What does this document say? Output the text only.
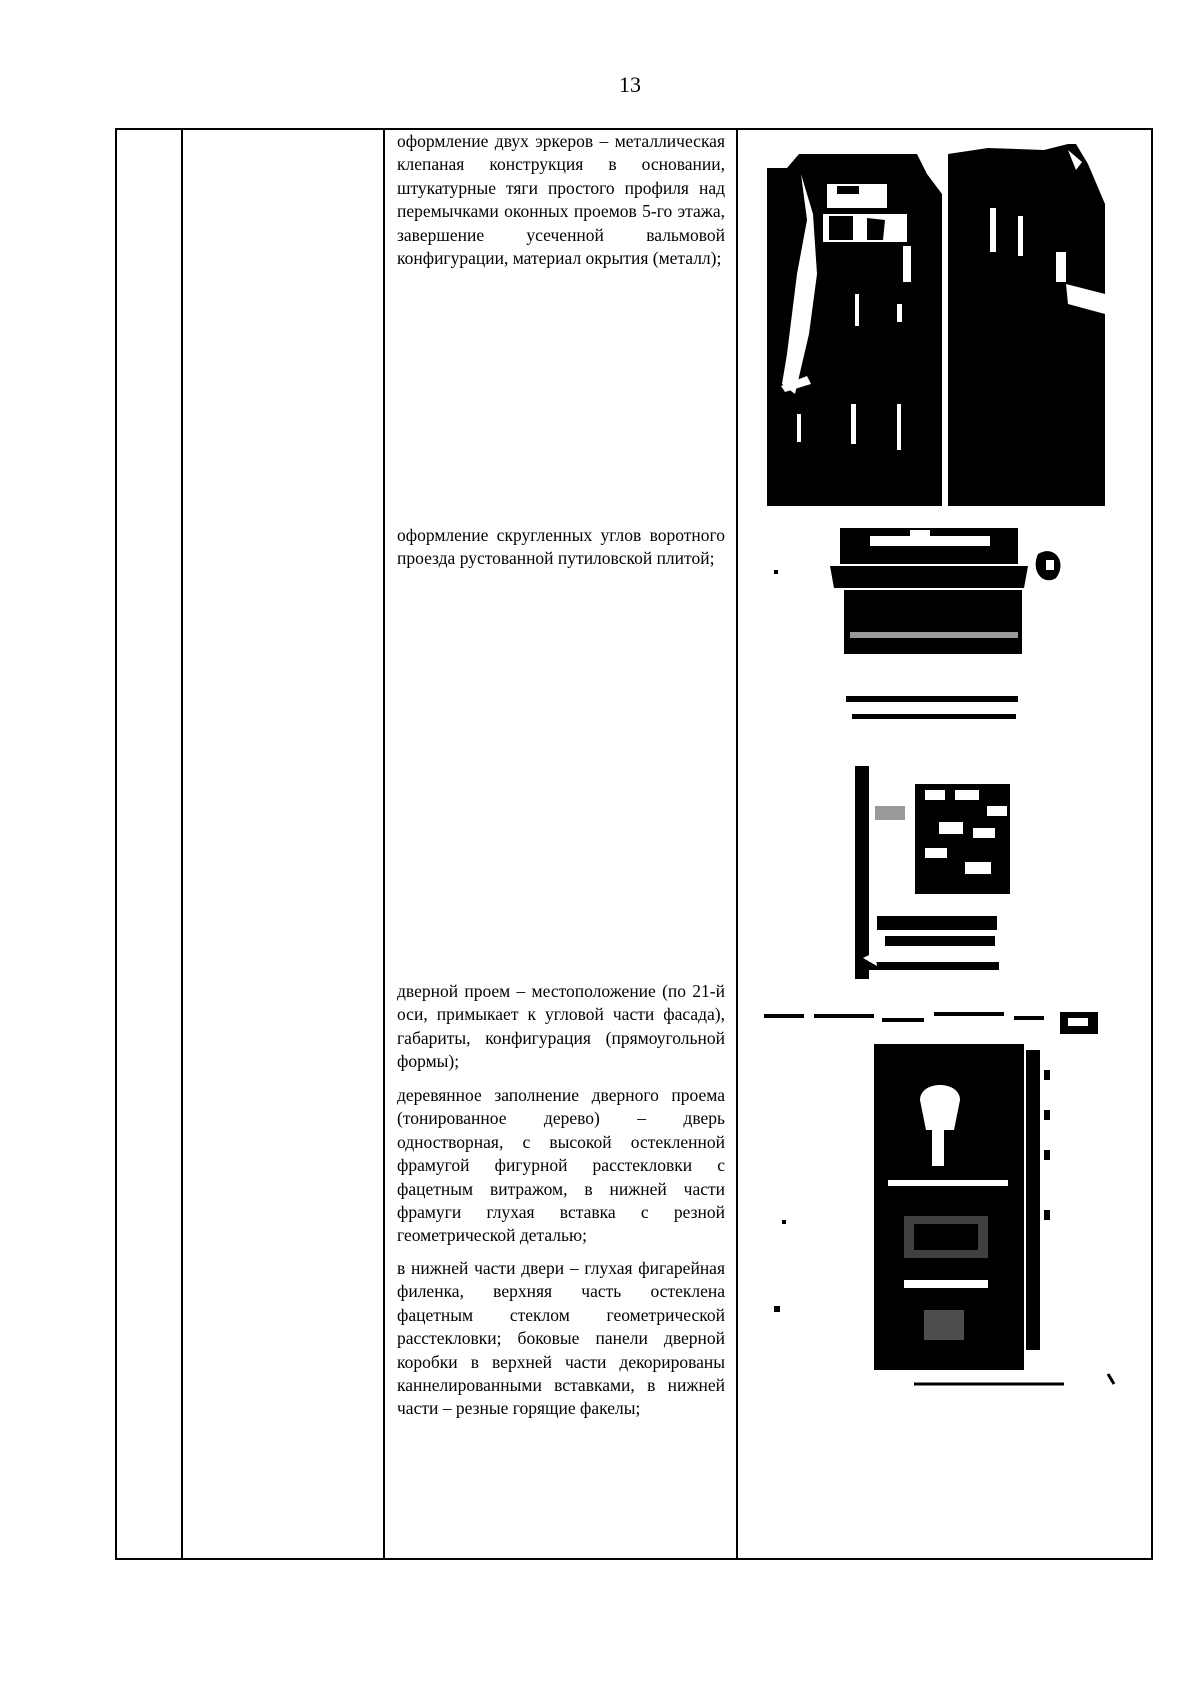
13

оформление двух эркеров – металлическая клепаная конструкция в основании, штукатурные тяги простого профиля над перемычками оконных проемов 5-го этажа, завершение усеченной вальмовой конфигурации, материал окрытия (металл);
оформление скругленных углов воротного проезда рустованной путиловской плитой;
дверной проем – местоположение (по 21-й оси, примыкает к угловой части фасада), габариты, конфигурация (прямоугольной формы);
деревянное заполнение дверного проема (тонированное дерево) – дверь одностворная, с высокой остекленной фрамугой фигурной расстекловки с фацетным витражом, в нижней части фрамуги глухая вставка с резной геометрической деталью;
в нижней части двери – глухая фигарейная филенка, верхняя часть остеклена фацетным стеклом геометрической расстекловки; боковые панели дверной коробки в верхней части декорированы каннелированными вставками, в нижней части – резные горящие факелы;
